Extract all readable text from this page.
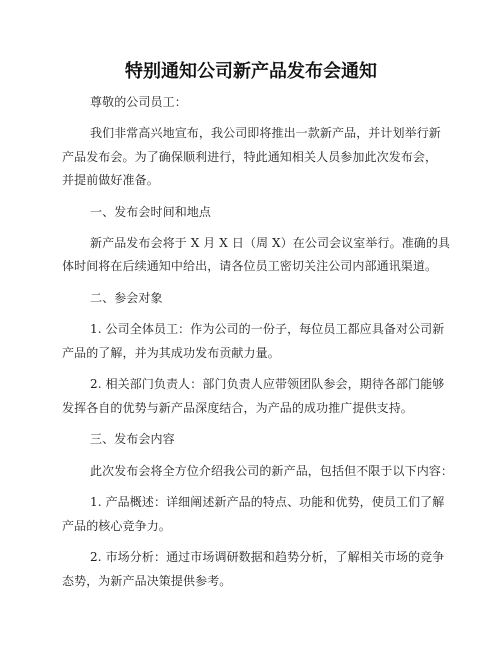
特别通知公司新产品发布会通知
尊敬的公司员工：
我们非常高兴地宣布，我公司即将推出一款新产品，并计划举行新
产品发布会。为了确保顺利进行，特此通知相关人员参加此次发布会，
并提前做好准备。
一、发布会时间和地点
新产品发布会将于 X 月 X 日（周 X）在公司会议室举行。准确的具
体时间将在后续通知中给出，请各位员工密切关注公司内部通讯渠道。
二、参会对象
1. 公司全体员工：作为公司的一份子，每位员工都应具备对公司新
产品的了解，并为其成功发布贡献力量。
2. 相关部门负责人：部门负责人应带领团队参会，期待各部门能够
发挥各自的优势与新产品深度结合，为产品的成功推广提供支持。
三、发布会内容
此次发布会将全方位介绍我公司的新产品，包括但不限于以下内容：
1. 产品概述：详细阐述新产品的特点、功能和优势，使员工们了解
产品的核心竞争力。
2. 市场分析：通过市场调研数据和趋势分析，了解相关市场的竞争
态势，为新产品决策提供参考。
